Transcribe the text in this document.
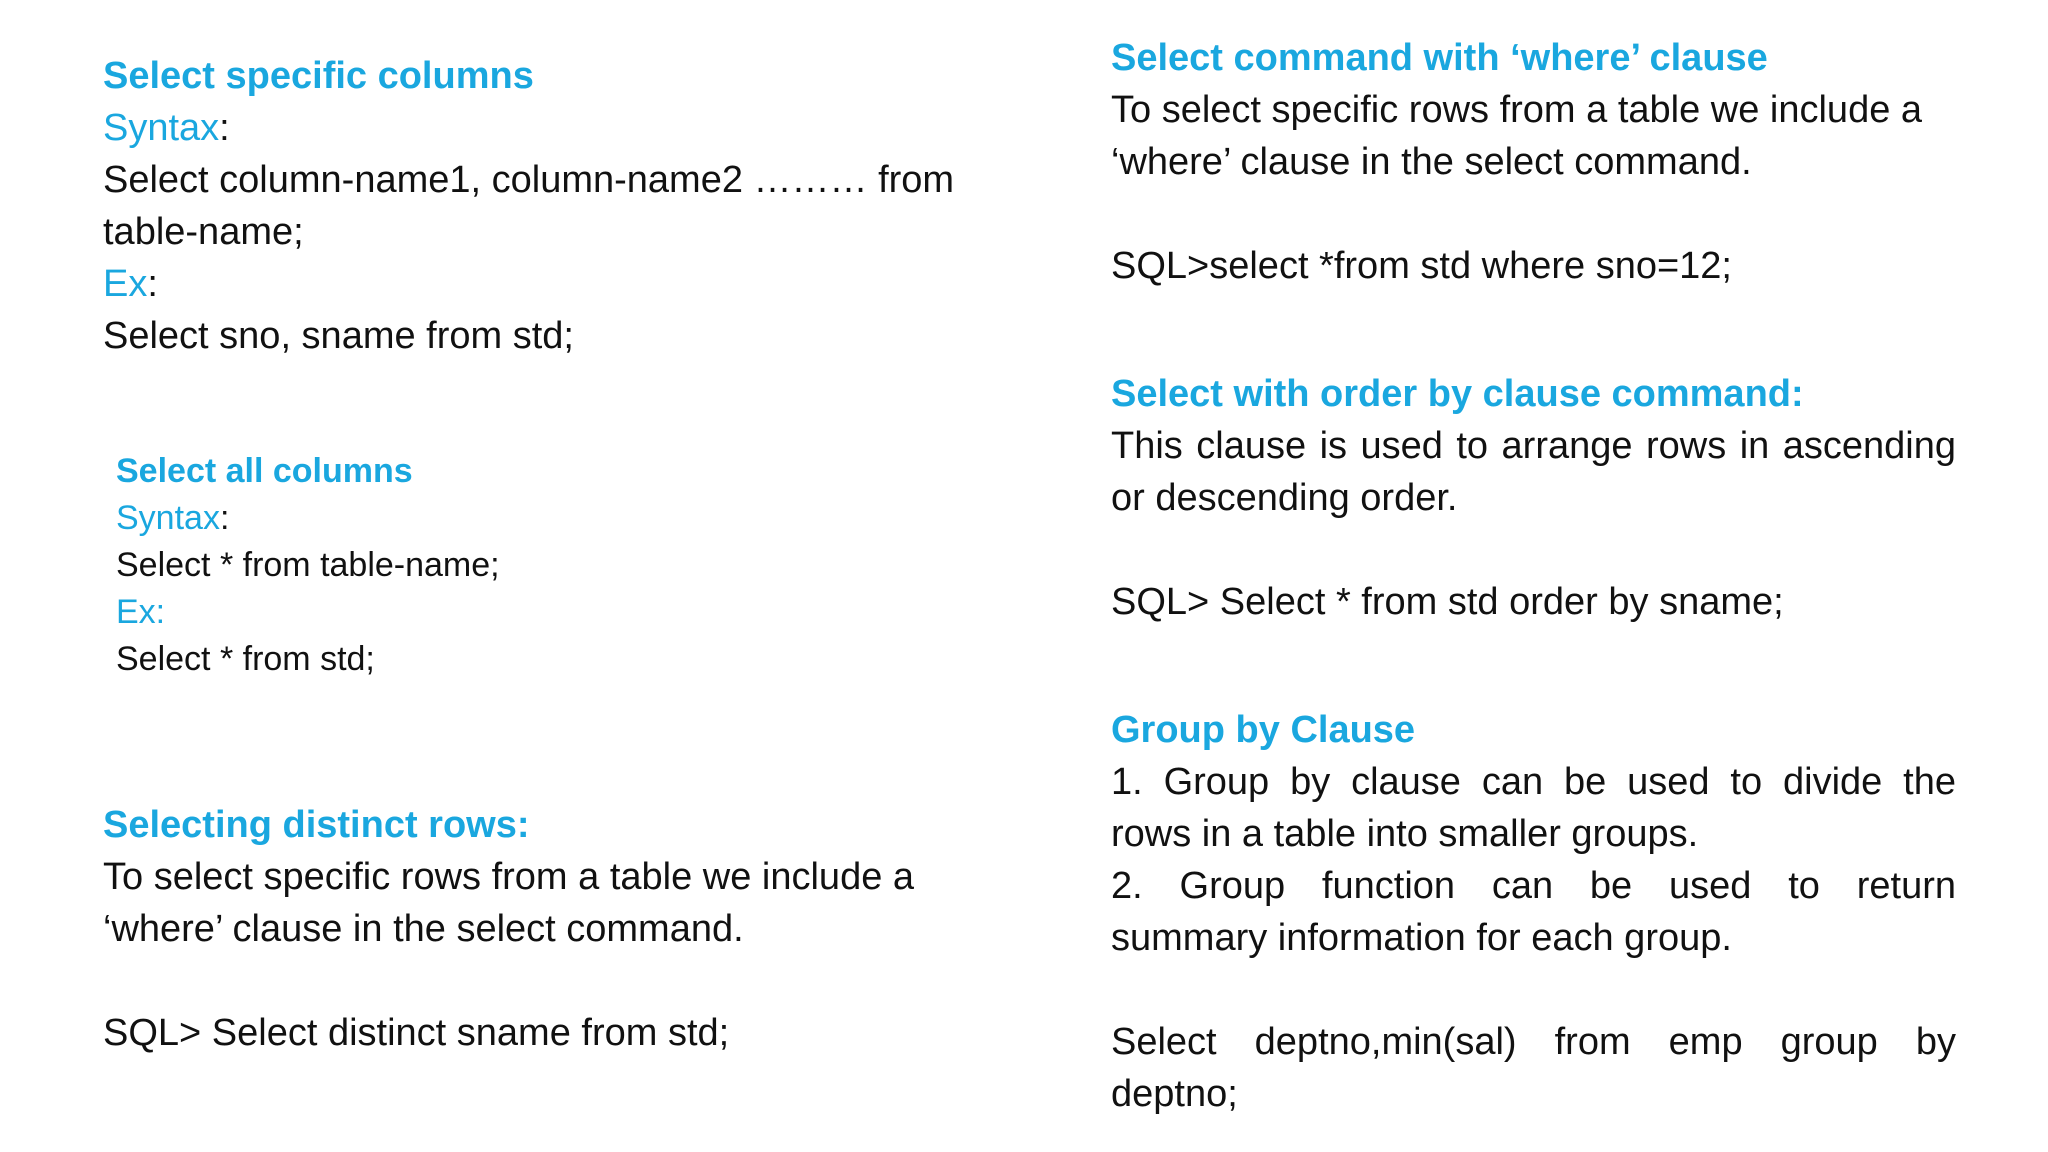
Select specific columns
Syntax:
Select column-name1, column-name2 ……… from
table-name;
Ex:
Select sno, sname from std;
Select all columns
Syntax:
Select * from table-name;
Ex:
Select * from std;
Selecting distinct rows:
To select specific rows from a table we include a
‘where’ clause in the select command.
SQL> Select distinct sname from std;
Select command with ‘where’ clause
To select specific rows from a table we include a
‘where’ clause in the select command.
SQL>select *from std where sno=12;
Select with order by clause command:
This clause is used to arrange rows in ascending
or descending order.
SQL> Select * from std order by sname;
Group by Clause
1. Group by clause can be used to divide the
rows in a table into smaller groups.
2. Group function can be used to return
summary information for each group.
Select deptno,min(sal) from emp group by
deptno;
